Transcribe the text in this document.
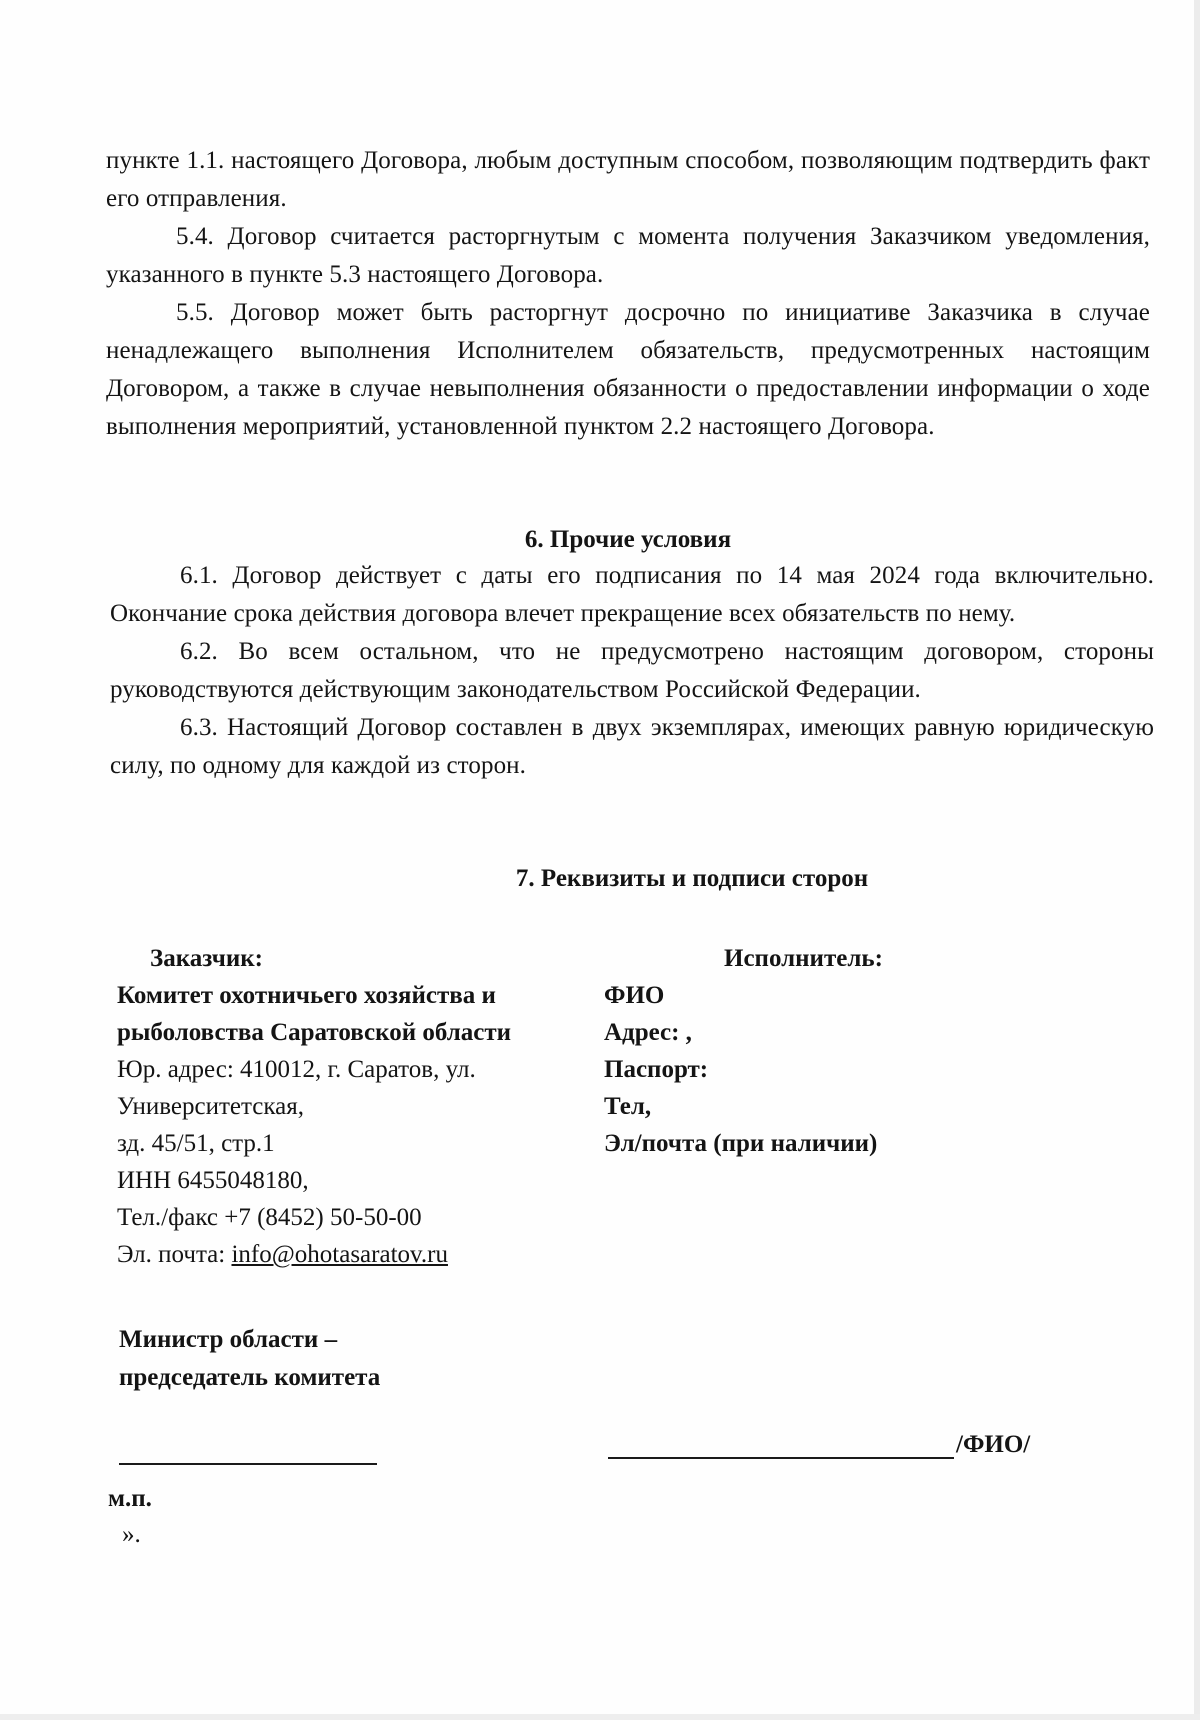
пункте 1.1. настоящего Договора, любым доступным способом, позволяющим подтвердить факт его отправления.

5.4. Договор считается расторгнутым с момента получения Заказчиком уведомления, указанного в пункте 5.3 настоящего Договора.

5.5. Договор может быть расторгнут досрочно по инициативе Заказчика в случае ненадлежащего выполнения Исполнителем обязательств, предусмотренных настоящим Договором, а также в случае невыполнения обязанности о предоставлении информации о ходе выполнения мероприятий, установленной пунктом 2.2 настоящего Договора.

6. Прочие условия

6.1. Договор действует с даты его подписания по 14 мая 2024 года включительно. Окончание срока действия договора влечет прекращение всех обязательств по нему.

6.2. Во всем остальном, что не предусмотрено настоящим договором, стороны руководствуются действующим законодательством Российской Федерации.

6.3. Настоящий Договор составлен в двух экземплярах, имеющих равную юридическую силу, по одному для каждой из сторон.

7. Реквизиты и подписи сторон
Заказчик:
Комитет охотничьего хозяйства и
рыболовства Саратовской области
Юр. адрес: 410012, г. Саратов, ул.
Университетская,
зд. 45/51, стр.1
ИНН 6455048180,
Тел./факс +7 (8452) 50-50-00
Эл. почта: info@ohotasaratov.ru
Исполнитель:
ФИО
Адрес: ,
Паспорт:
Тел,
Эл/почта (при наличии)
Министр области –
председатель комитета
/ФИО/
м.п.
».
